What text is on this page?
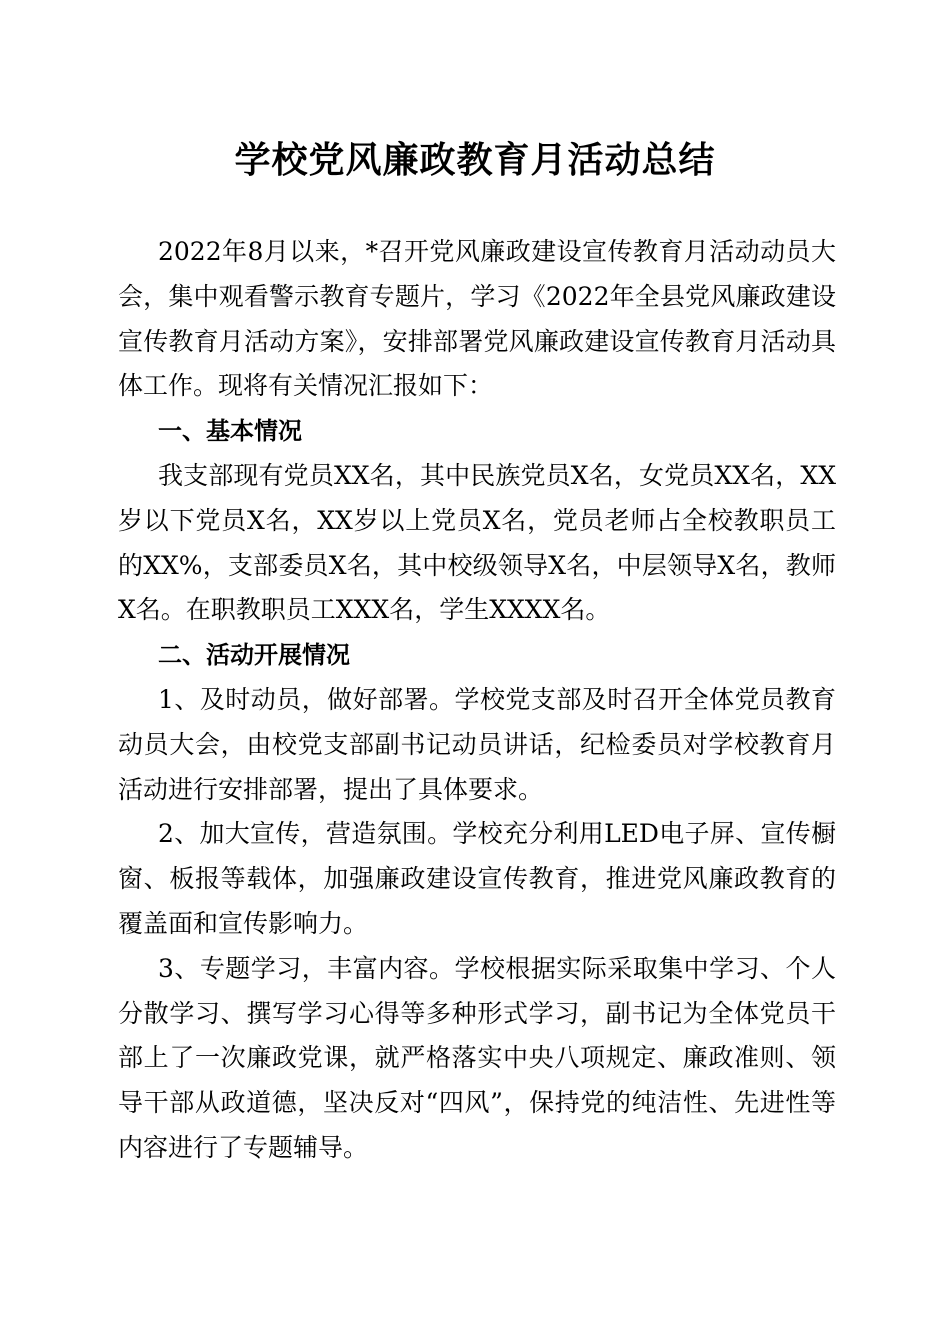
学校党风廉政教育月活动总结

2022年8月以来，*召开党风廉政建设宣传教育月活动动员大会，集中观看警示教育专题片，学习《2022年全县党风廉政建设宣传教育月活动方案》，安排部署党风廉政建设宣传教育月活动具体工作。现将有关情况汇报如下：

一、基本情况

我支部现有党员XX名，其中民族党员X名，女党员XX名，XX岁以下党员X名，XX岁以上党员X名，党员老师占全校教职员工的XX%，支部委员X名，其中校级领导X名，中层领导X名，教师X名。在职教职员工XXX名，学生XXXX名。

二、活动开展情况

1、及时动员，做好部署。学校党支部及时召开全体党员教育动员大会，由校党支部副书记动员讲话，纪检委员对学校教育月活动进行安排部署，提出了具体要求。

2、加大宣传，营造氛围。学校充分利用LED电子屏、宣传橱窗、板报等载体，加强廉政建设宣传教育，推进党风廉政教育的覆盖面和宣传影响力。

3、专题学习，丰富内容。学校根据实际采取集中学习、个人分散学习、撰写学习心得等多种形式学习，副书记为全体党员干部上了一次廉政党课，就严格落实中央八项规定、廉政准则、领导干部从政道德，坚决反对“四风”，保持党的纯洁性、先进性等内容进行了专题辅导。
